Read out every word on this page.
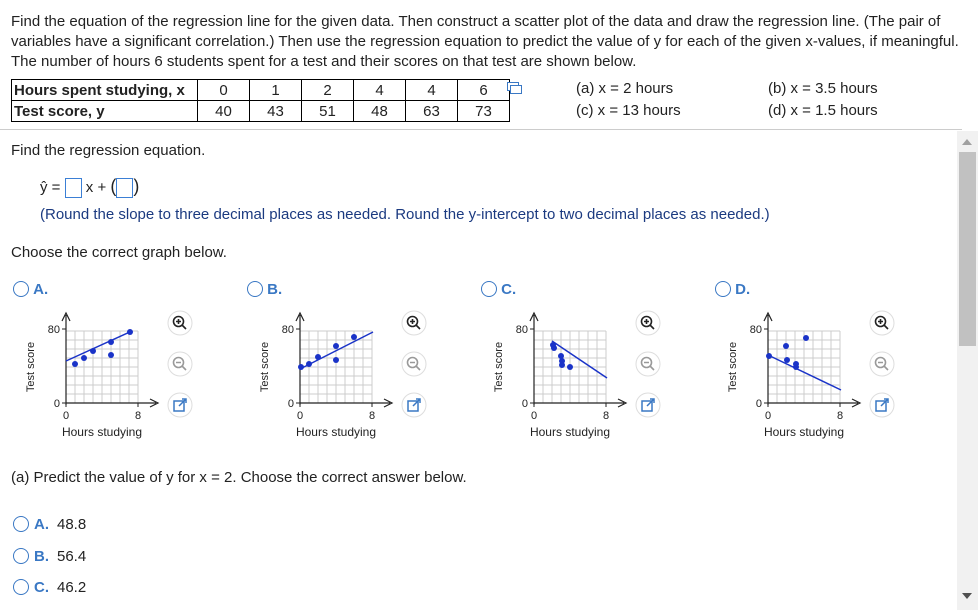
Find the equation of the regression line for the given data. Then construct a scatter plot of the data and draw the regression line. (The pair of variables have a significant correlation.) Then use the regression equation to predict the value of y for each of the given x-values, if meaningful. The number of hours 6 students spent for a test and their scores on that test are shown below.
Hours spent studying, x	0	1	2	4	4	6
Test score, y	40	43	51	48	63	73
(a) x = 2 hours	(b) x = 3.5 hours
(c) x = 13 hours	(d) x = 1.5 hours
Find the regression equation.
ŷ = x + ( )
(Round the slope to three decimal places as needed. Round the y-intercept to two decimal places as needed.)
Choose the correct graph below.
A.	B.	C.	D.
80
0
0	8
Hours studying
Test score
80
0
0	8
Hours studying
Test score
80
0
0	8
Hours studying
Test score
80
0
0	8
Hours studying
Test score
(a) Predict the value of y for x = 2. Choose the correct answer below.
A. 48.8
B. 56.4
C. 46.2
